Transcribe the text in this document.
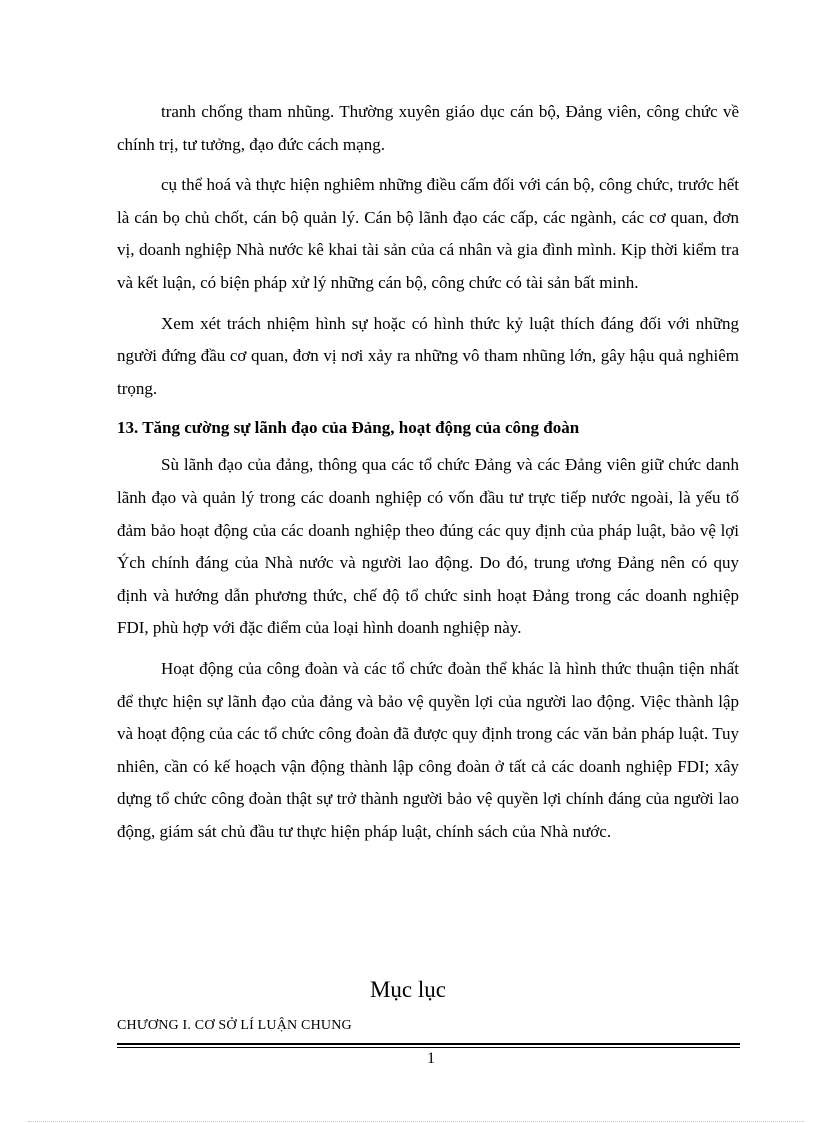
tranh chống tham nhũng. Thường xuyên giáo dục cán bộ, Đảng viên, công chức về chính trị, tư tưởng, đạo đức cách mạng.

cụ thể hoá và thực hiện nghiêm những điều cấm đối với cán bộ, công chức, trước hết là cán bọ chủ chốt, cán bộ quản lý. Cán bộ lãnh đạo các cấp, các ngành, các cơ quan, đơn vị, doanh nghiệp Nhà nước kê khai tài sản của cá nhân và gia đình mình. Kịp thời kiểm tra và kết luận, có biện pháp xử lý những cán bộ, công chức có tài sản bất minh.

Xem xét trách nhiệm hình sự hoặc có hình thức kỷ luật thích đáng đối với những người đứng đầu cơ quan, đơn vị nơi xảy ra những vô tham nhũng lớn, gây hậu quả nghiêm trọng.

13. Tăng cường sự lãnh đạo của Đảng, hoạt động của công đoàn

Sù lãnh đạo của đảng, thông qua các tổ chức Đảng và các Đảng viên giữ chức danh lãnh đạo và quản lý trong các doanh nghiệp có vốn đầu tư trực tiếp nước ngoài, là yếu tố đảm bảo hoạt động của các doanh nghiệp theo đúng các quy định của pháp luật, bảo vệ lợi Ých chính đáng của Nhà nước và người lao động. Do đó, trung ương Đảng nên có quy định và hướng dẫn phương thức, chế độ tổ chức sinh hoạt Đảng trong các doanh nghiệp FDI, phù hợp với đặc điểm của loại hình doanh nghiệp này.

Hoạt động của công đoàn và các tổ chức đoàn thể khác là hình thức thuận tiện nhất để thực hiện sự lãnh đạo của đảng và bảo vệ quyền lợi của người lao động. Việc thành lập và hoạt động của các tổ chức công đoàn đã được quy định trong các văn bản pháp luật. Tuy nhiên, cần có kế hoạch vận động thành lập công đoàn ở tất cả các doanh nghiệp FDI; xây dựng tổ chức công đoàn thật sự trở thành người bảo vệ quyền lợi chính đáng của người lao động, giám sát chủ đầu tư thực hiện pháp luật, chính sách của Nhà nước.

Mục lục
CHƯƠNG I. CƠ SỞ LÍ LUẬN CHUNG
1
